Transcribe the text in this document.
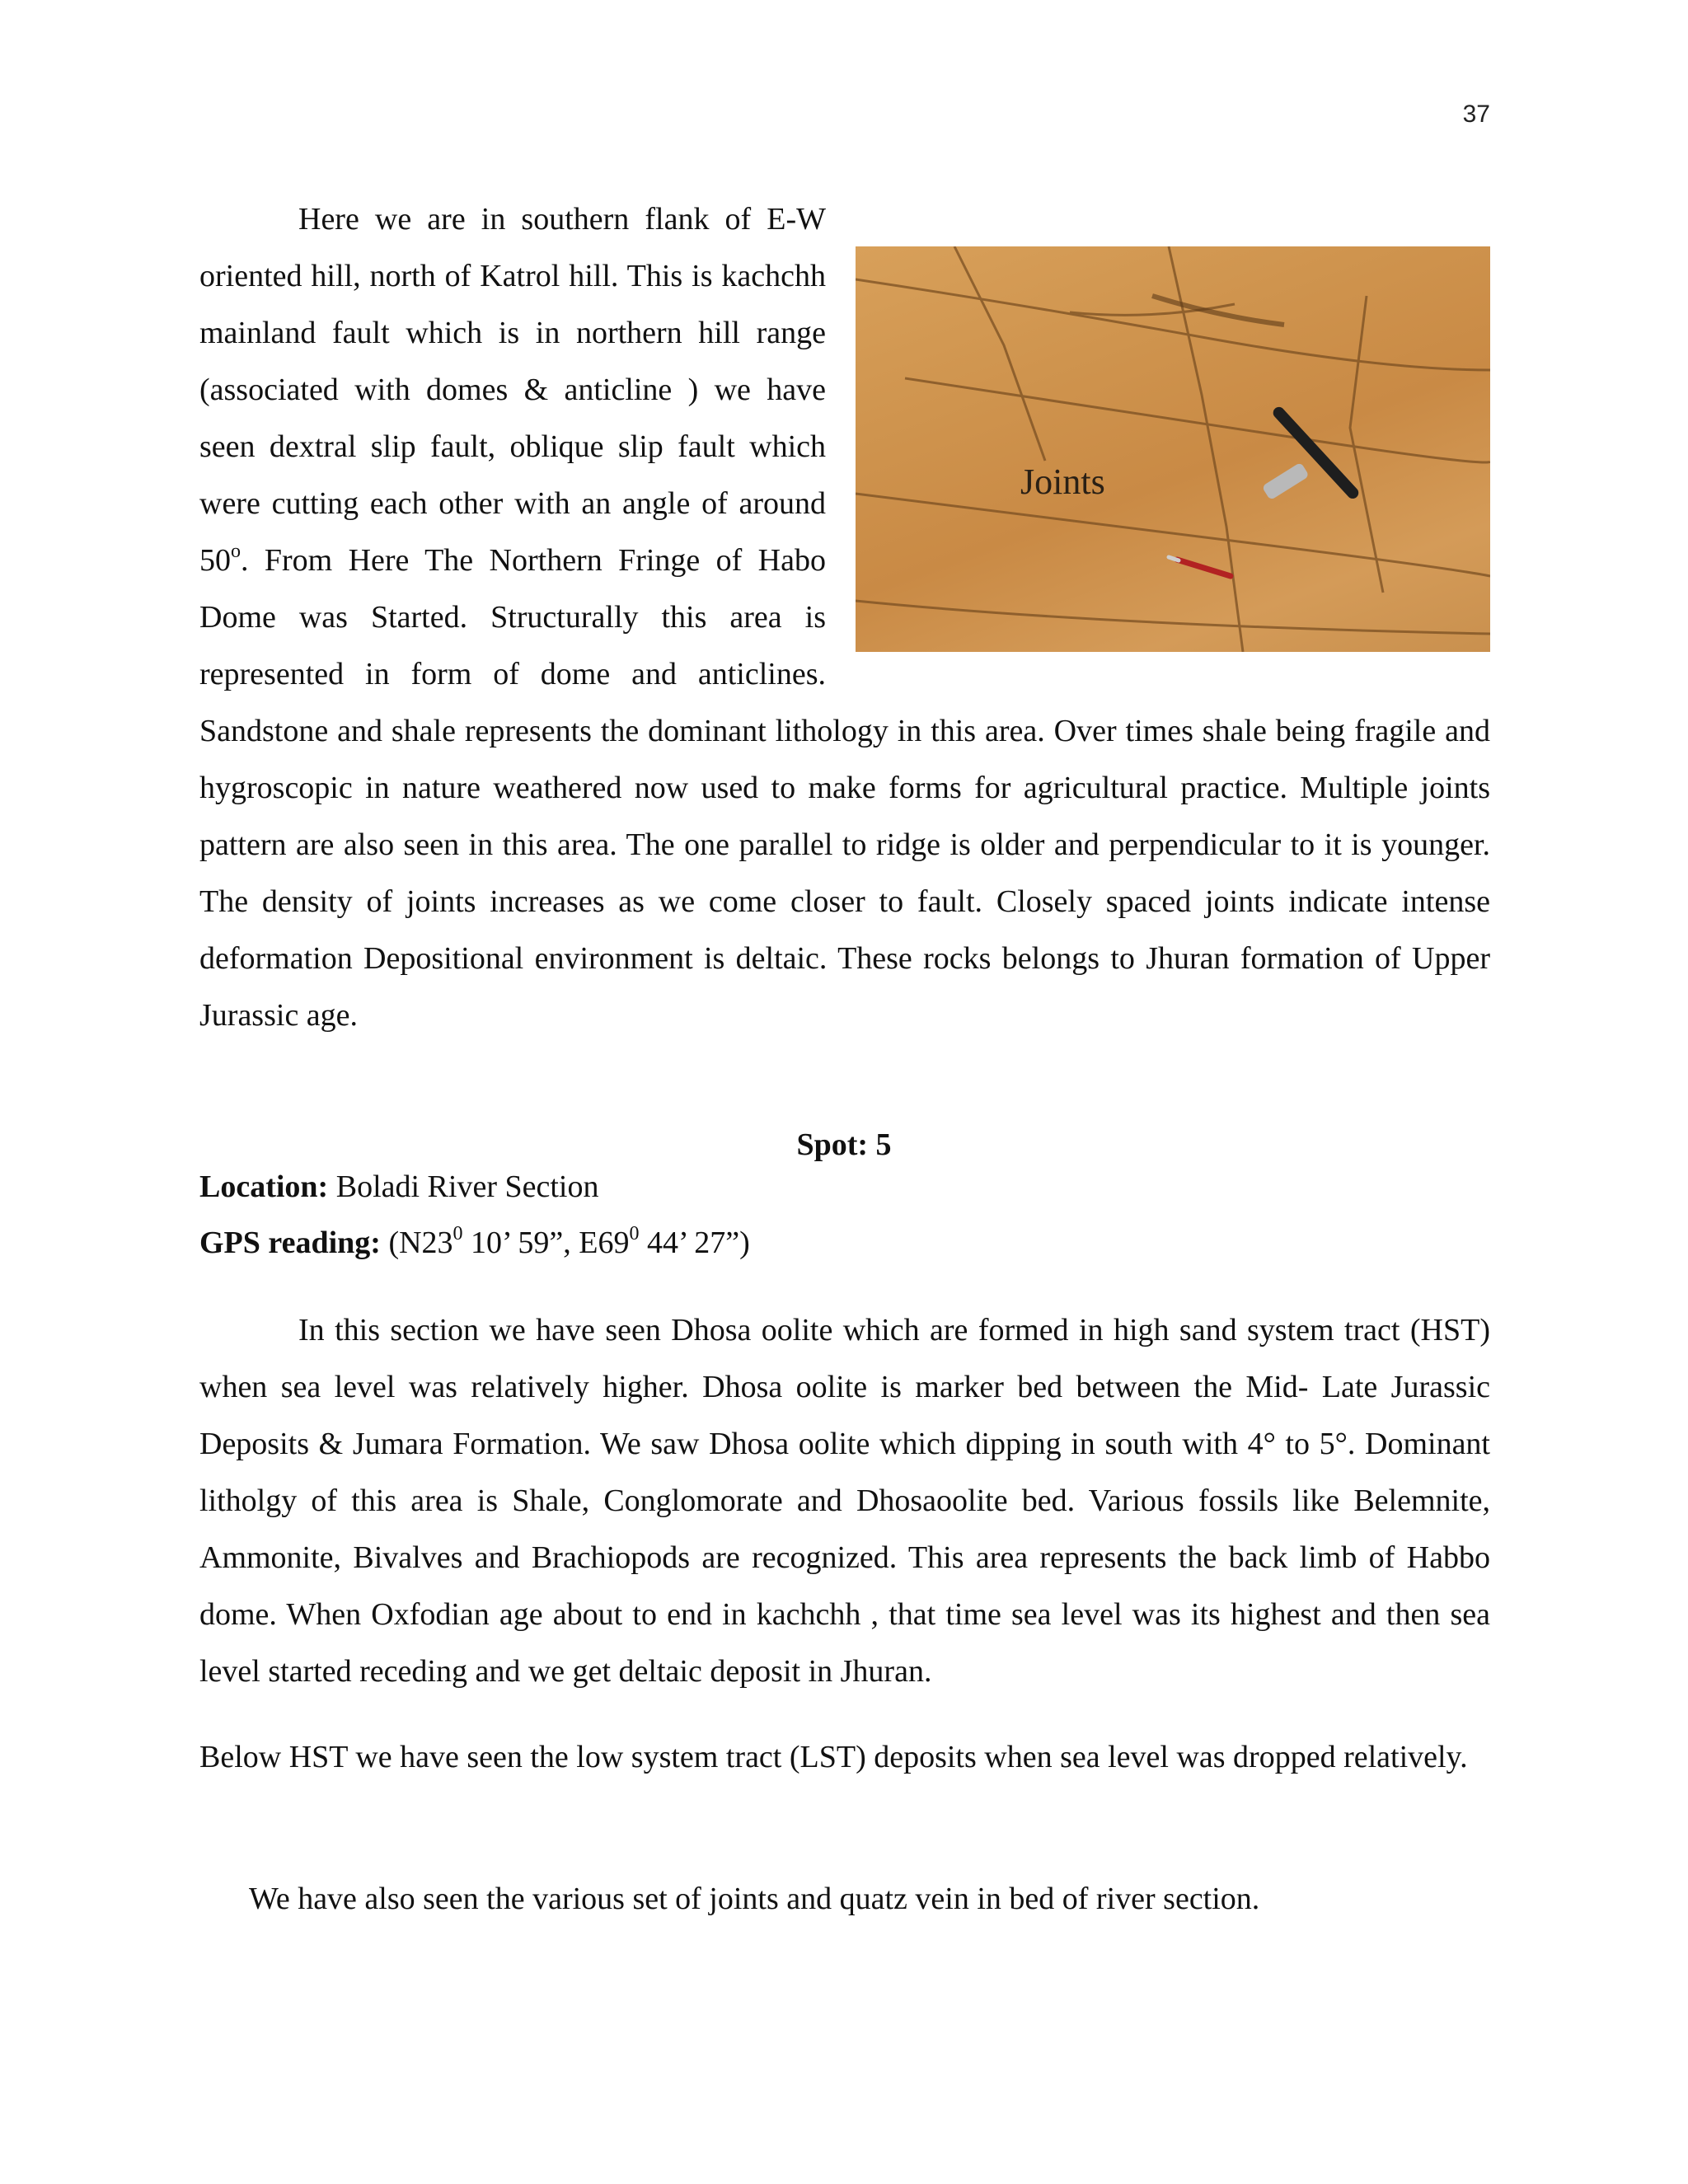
37
Joints
Here we are in southern flank of E-W oriented hill, north of Katrol hill. This is kachchh mainland fault which is in northern hill range (associated with domes & anticline ) we have seen dextral slip fault, oblique slip fault which were cutting each other with an angle of around 50$^o$. From Here The Northern Fringe of Habo Dome was Started. Structurally this area is represented in form of dome and anticlines. Sandstone and shale represents the dominant lithology in this area. Over times shale being fragile and hygroscopic in nature weathered now used to make forms for agricultural practice. Multiple joints pattern are also seen in this area. The one parallel to ridge is older and perpendicular to it is younger. The density of joints increases as we come closer to fault. Closely spaced joints indicate intense deformation Depositional environment is deltaic. These rocks belongs to Jhuran formation of Upper Jurassic age.
Spot: 5
Location: Boladi River Section
GPS reading: ($N23^0$ 10’ 59”, $E69^0$ 44’ 27”)
In this section we have seen Dhosa oolite which are formed in high sand system tract (HST) when sea level was relatively higher. Dhosa oolite is marker bed between the Mid- Late Jurassic Deposits & Jumara Formation. We saw Dhosa oolite which dipping in south with 4° to 5°. Dominant litholgy of this area is Shale, Conglomorate and Dhosaoolite bed. Various fossils like Belemnite, Ammonite, Bivalves and Brachiopods are recognized. This area represents the back limb of Habbo dome. When Oxfodian age about to end in kachchh , that time sea level was its highest and then sea level started receding and we get deltaic deposit in Jhuran.
Below HST we have seen the low system tract (LST) deposits when sea level was dropped relatively.
We have also seen the various set of joints and quatz vein in bed of river section.
